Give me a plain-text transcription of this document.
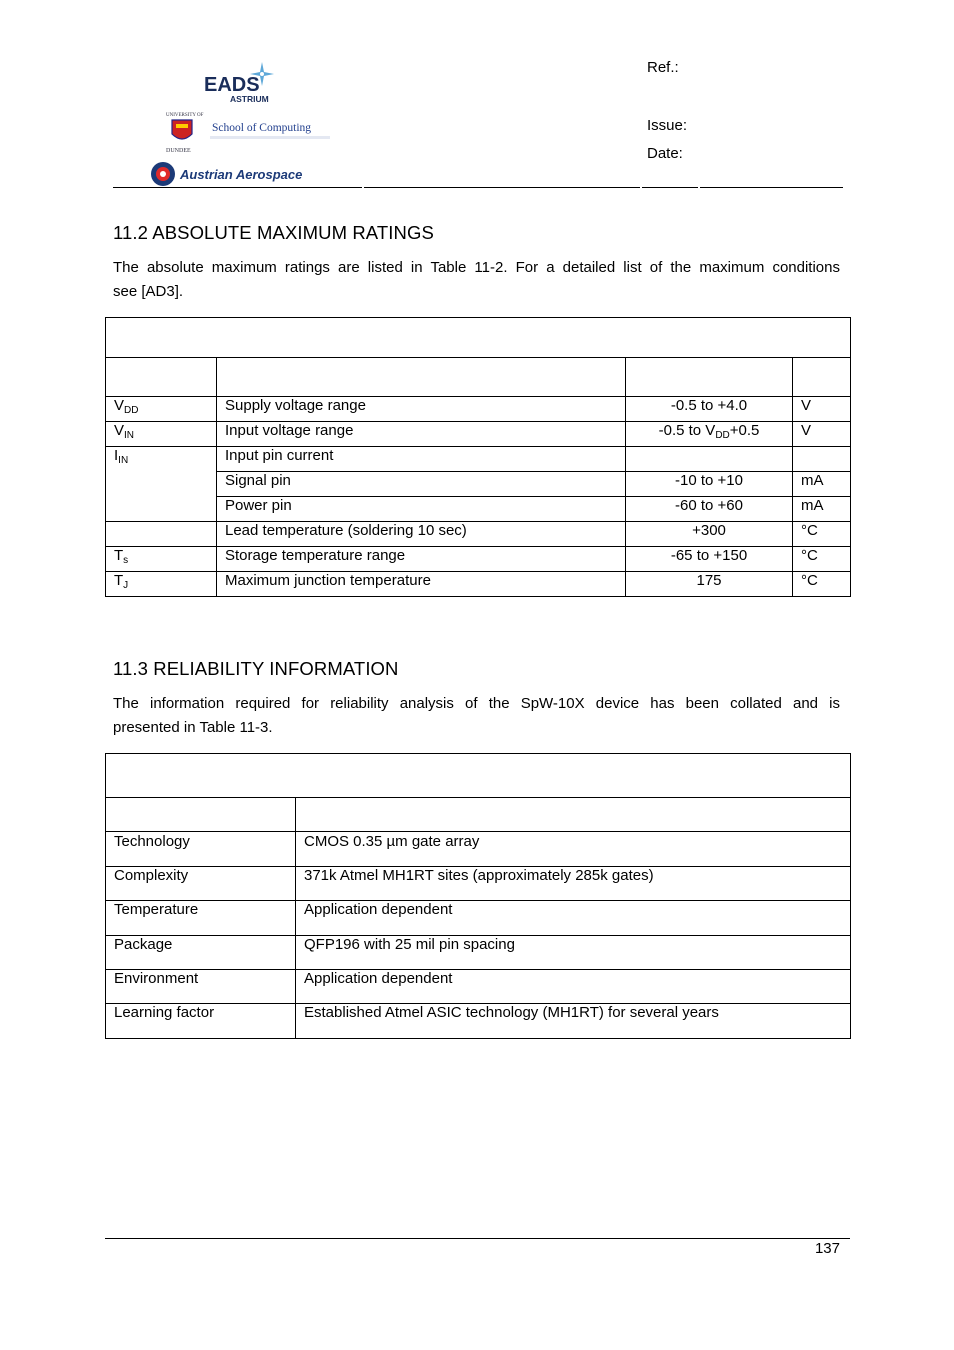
EADS
ASTRIUM
UNIVERSITY OF
DUNDEE
School of Computing
Austrian Aerospace
Ref.:
Issue:
Date:
11.2 ABSOLUTE MAXIMUM RATINGS
The absolute maximum ratings are listed in Table 11-2. For a detailed list of the maximum conditions
see [AD3].

$V_{DD}$	Supply voltage range	-0.5 to +4.0	V
$V_{IN}$	Input voltage range	-0.5 to $V_{DD}+0.5$	V
$I_{IN}$	Input pin current		
	Signal pin	-10 to +10	mA
	Power pin	-60 to +60	mA
	Lead temperature (soldering 10 sec)	+300	°C
$T_s$	Storage temperature range	-65 to +150	°C
$T_J$	Maximum junction temperature	175	°C
11.3 RELIABILITY INFORMATION
The information required for reliability analysis of the SpW-10X device has been collated and is
presented in Table 11-3.

Technology	CMOS 0.35 µm gate array
Complexity	371k Atmel MH1RT sites (approximately 285k gates)
Temperature	Application dependent
Package	QFP196 with 25 mil pin spacing
Environment	Application dependent
Learning factor	Established Atmel ASIC technology (MH1RT) for several years
137
